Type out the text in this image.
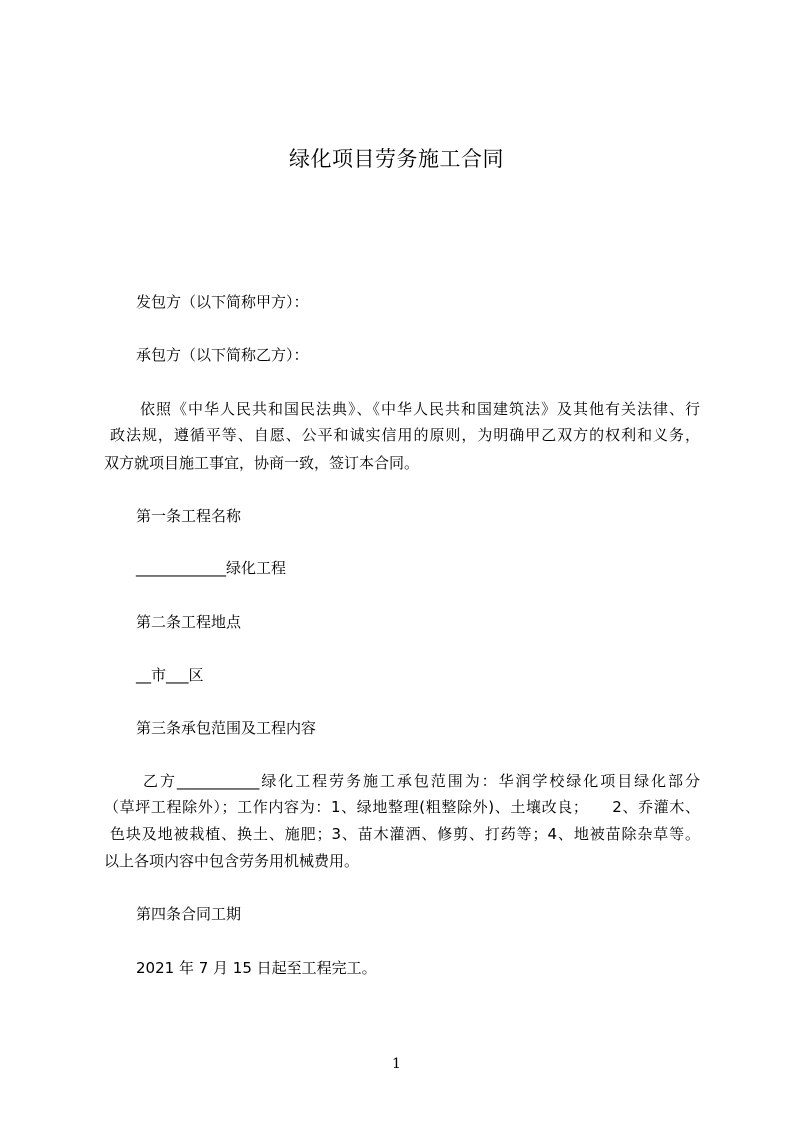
绿化项目劳务施工合同
发包方（以下简称甲方）：
承包方（以下简称乙方）：
依照《中华人民共和国民法典》、《中华人民共和国建筑法》及其他有关法律、行
政法规，遵循平等、自愿、公平和诚实信用的原则，为明确甲乙双方的权利和义务，
双方就项目施工事宜，协商一致，签订本合同。
第一条工程名称
____________绿化工程
第二条工程地点
__市___区
第三条承包范围及工程内容
乙方___________绿化工程劳务施工承包范围为：华润学校绿化项目绿化部分
（草坪工程除外）；工作内容为：1、绿地整理(粗整除外)、土壤改良；　　2、乔灌木、
色块及地被栽植、换土、施肥；3、苗木灌洒、修剪、打药等；4、地被苗除杂草等。
以上各项内容中包含劳务用机械费用。
第四条合同工期
2021 年 7 月 15 日起至工程完工。
1
